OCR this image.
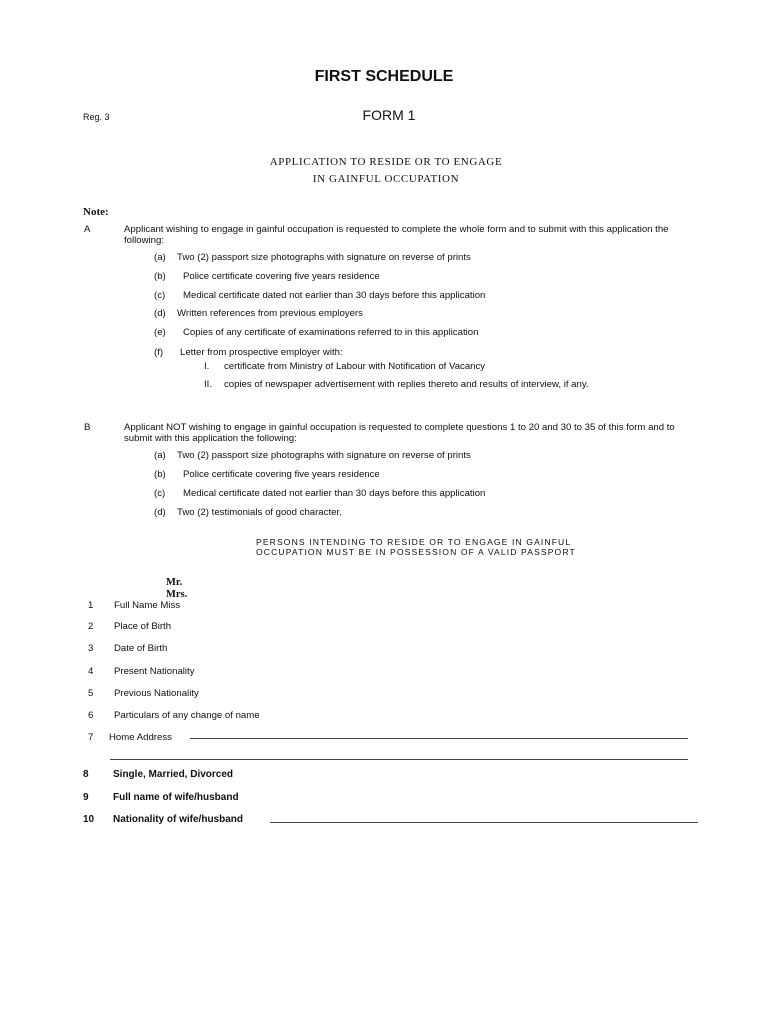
FIRST SCHEDULE
Reg. 3	FORM 1
APPLICATION TO RESIDE OR TO ENGAGE
IN GAINFUL OCCUPATION
Note:
A	Applicant wishing to engage in gainful occupation is requested to complete the whole form and to submit with this application the following:
(a) Two (2) passport size photographs with signature on reverse of prints
(b) Police certificate covering five years residence
(c) Medical certificate dated not earlier than 30 days before this application
(d) Written references from previous employers
(e) Copies of any certificate of examinations referred to in this application
(f) Letter from prospective employer with:
I. certificate from Ministry of Labour with Notification of Vacancy
II. copies of newspaper advertisement with replies thereto and results of interview, if any.
B	Applicant NOT wishing to engage in gainful occupation is requested to complete questions 1 to 20 and 30 to 35 of this form and to submit with this application the following:
(a) Two (2) passport size photographs with signature on reverse of prints
(b) Police certificate covering five years residence
(c) Medical certificate dated not earlier than 30 days before this application
(d) Two (2) testimonials of good character.
PERSONS INTENDING TO RESIDE OR TO ENGAGE IN GAINFUL
OCCUPATION MUST BE IN POSSESSION OF A VALID PASSPORT
Mr.
Mrs.
1 Full Name Miss
2 Place of Birth
3 Date of Birth
4 Present Nationality
5 Previous Nationality
6 Particulars of any change of name
7 Home Address
8 Single, Married, Divorced
9 Full name of wife/husband
10 Nationality of wife/husband
